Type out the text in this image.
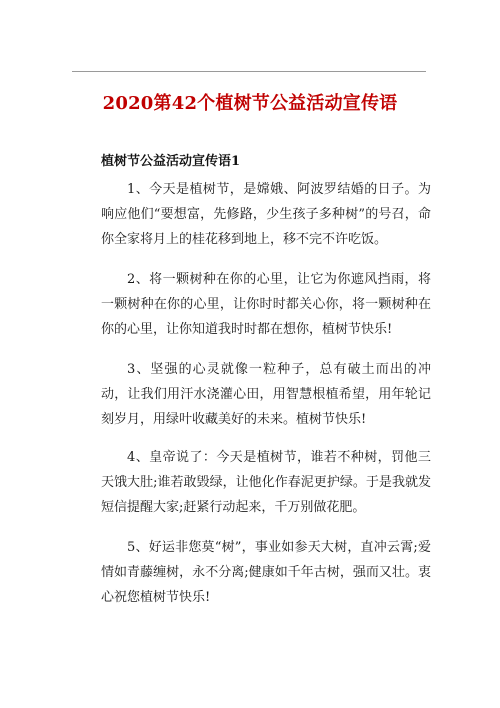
2020第42个植树节公益活动宣传语
植树节公益活动宣传语1

1、今天是植树节，是嫦娥、阿波罗结婚的日子。为响应他们“要想富，先修路，少生孩子多种树”的号召，命你全家将月上的桂花移到地上，移不完不许吃饭。

2、将一颗树种在你的心里，让它为你遮风挡雨，将一颗树种在你的心里，让你时时都关心你，将一颗树种在你的心里，让你知道我时时都在想你，植树节快乐!

3、坚强的心灵就像一粒种子，总有破土而出的冲动，让我们用汗水浇灌心田，用智慧根植希望，用年轮记刻岁月，用绿叶收藏美好的未来。植树节快乐!

4、皇帝说了：今天是植树节，谁若不种树，罚他三天饿大肚;谁若敢毁绿，让他化作春泥更护绿。于是我就发短信提醒大家;赶紧行动起来，千万别做花肥。

5、好运非您莫“树”，事业如参天大树，直冲云霄;爱情如青藤缠树，永不分离;健康如千年古树，强而又壮。衷心祝您植树节快乐!
